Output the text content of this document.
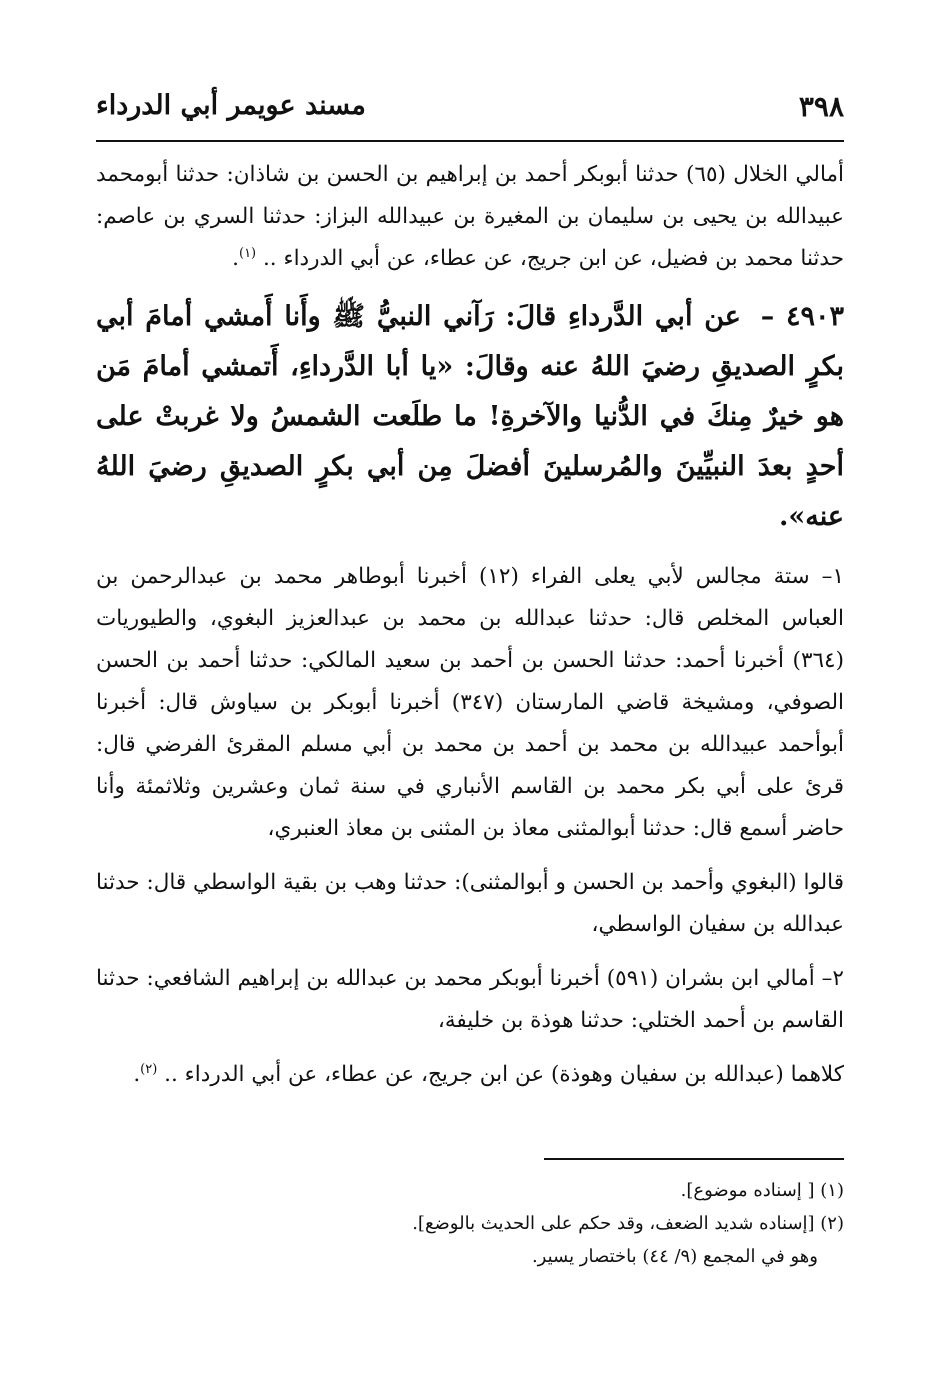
٣٩٨
مسند عويمر أبي الدرداء

أمالي الخلال (٦٥) حدثنا أبوبكر أحمد بن إبراهيم بن الحسن بن شاذان: حدثنا أبومحمد عبيدالله بن يحيى بن سليمان بن المغيرة بن عبيدالله البزاز: حدثنا السري بن عاصم: حدثنا محمد بن فضيل، عن ابن جريج، عن عطاء، عن أبي الدرداء .. $^{(١)}$.

٤٩٠٣ – عن أبي الدَّرداءِ قالَ: رَآني النبيُّ ﷺ وأَنا أَمشي أمامَ أبي بكرٍ الصديقِ رضيَ اللهُ عنه وقالَ: «يا أبا الدَّرداءِ، أَتمشي أمامَ مَن هو خيرٌ مِنكَ في الدُّنيا والآخرةِ! ما طلَعت الشمسُ ولا غربتْ على أحدٍ بعدَ النبيِّينَ والمُرسلينَ أفضلَ مِن أبي بكرٍ الصديقِ رضيَ اللهُ عنه».

١– ستة مجالس لأبي يعلى الفراء (١٢) أخبرنا أبوطاهر محمد بن عبدالرحمن بن العباس المخلص قال: حدثنا عبدالله بن محمد بن عبدالعزيز البغوي، والطيوريات (٣٦٤) أخبرنا أحمد: حدثنا الحسن بن أحمد بن سعيد المالكي: حدثنا أحمد بن الحسن الصوفي، ومشيخة قاضي المارستان (٣٤٧) أخبرنا أبوبكر بن سياوش قال: أخبرنا أبوأحمد عبيدالله بن محمد بن أحمد بن محمد بن أبي مسلم المقرئ الفرضي قال: قرئ على أبي بكر محمد بن القاسم الأنباري في سنة ثمان وعشرين وثلاثمئة وأنا حاضر أسمع قال: حدثنا أبوالمثنى معاذ بن المثنى بن معاذ العنبري،

قالوا (البغوي وأحمد بن الحسن و أبوالمثنى): حدثنا وهب بن بقية الواسطي قال: حدثنا عبدالله بن سفيان الواسطي،

٢– أمالي ابن بشران (٥٩١) أخبرنا أبوبكر محمد بن عبدالله بن إبراهيم الشافعي: حدثنا القاسم بن أحمد الختلي: حدثنا هوذة بن خليفة،

كلاهما (عبدالله بن سفيان وهوذة) عن ابن جريج، عن عطاء، عن أبي الدرداء .. $^{(٢)}$.

(١) [ إسناده موضوع].
(٢) [إسناده شديد الضعف، وقد حكم على الحديث بالوضع].
وهو في المجمع (٩/ ٤٤) باختصار يسير.
